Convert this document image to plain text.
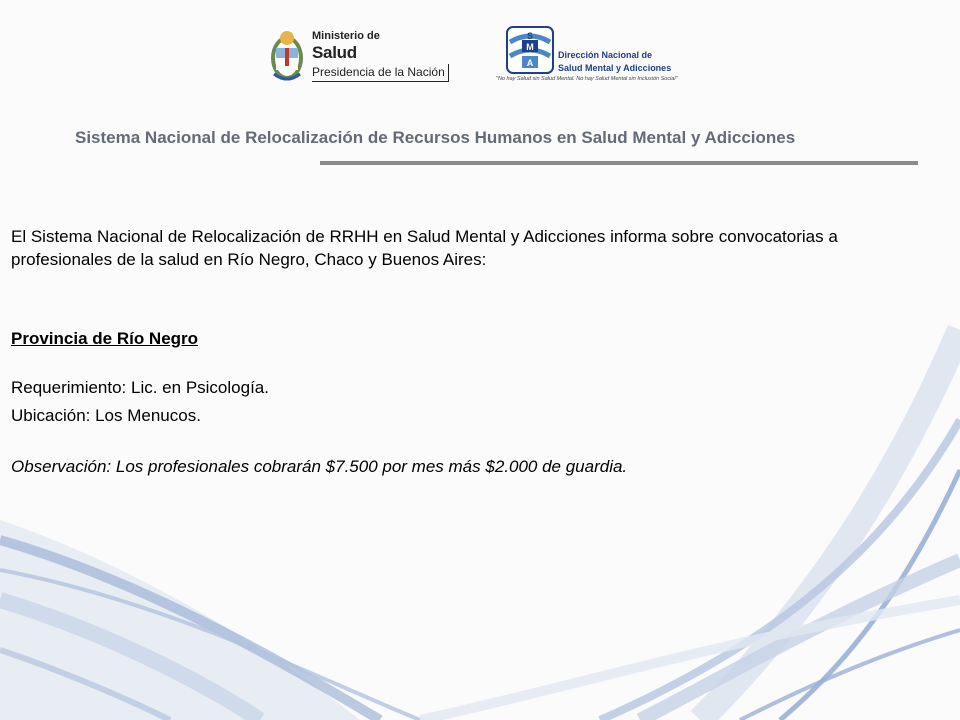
Ministerio de
Salud
Presidencia de la Nación
S
M
A
Dirección Nacional de
Salud Mental y Adicciones
"No hay Salud sin Salud Mental. No hay Salud Mental sin Inclusión Social"
Sistema Nacional de Relocalización de Recursos Humanos en Salud Mental y Adicciones

El Sistema Nacional de Relocalización de RRHH en Salud Mental y Adicciones informa sobre convocatorias a profesionales de la salud en Río Negro, Chaco y Buenos Aires:

Provincia de Río Negro

Requerimiento: Lic. en Psicología.

Ubicación: Los Menucos.

Observación: Los profesionales cobrarán $7.500 por mes más $2.000 de guardia.
